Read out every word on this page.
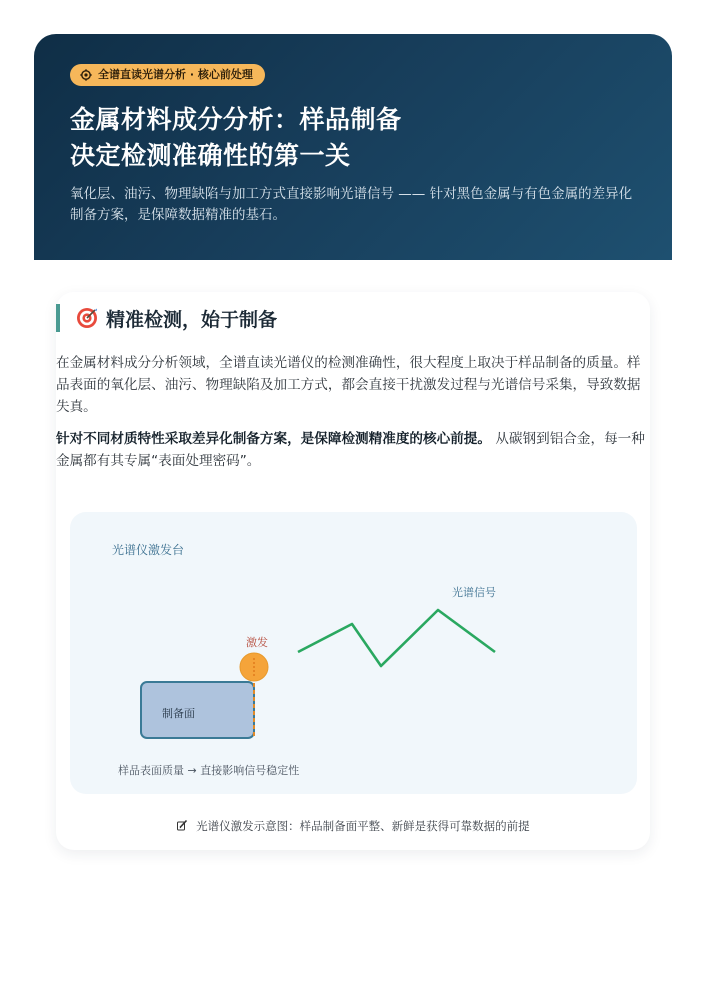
全谱直读光谱分析 · 核心前处理
金属材料成分分析：样品制备
决定检测准确性的第一关
氧化层、油污、物理缺陷与加工方式直接影响光谱信号 —— 针对黑色金属与有色金属的差异化制备方案，是保障数据精准的基石。
精准检测，始于制备

在金属材料成分分析领域，全谱直读光谱仪的检测准确性，很大程度上取决于样品制备的质量。样品表面的氧化层、油污、物理缺陷及加工方式，都会直接干扰激发过程与光谱信号采集，导致数据失真。

针对不同材质特性采取差异化制备方案，是保障检测精准度的核心前提。 从碳钢到铝合金，每一种金属都有其专属“表面处理密码”。

光谱仪激发台
光谱信号
激发
制备面
样品表面质量 → 直接影响信号稳定性
光谱仪激发示意图：样品制备面平整、新鲜是获得可靠数据的前提
